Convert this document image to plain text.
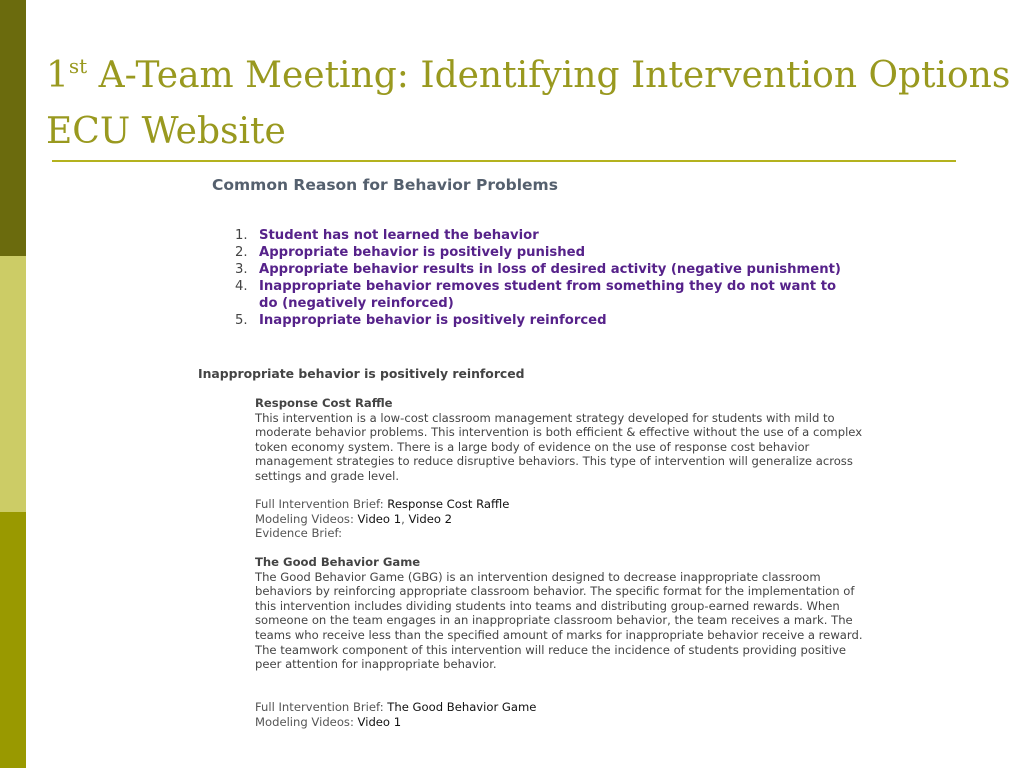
1st A-Team Meeting: Identifying Intervention Options
ECU Website
Common Reason for Behavior Problems
1. Student has not learned the behavior
2. Appropriate behavior is positively punished
3. Appropriate behavior results in loss of desired activity (negative punishment)
4. Inappropriate behavior removes student from something they do not want to do (negatively reinforced)
5. Inappropriate behavior is positively reinforced
Inappropriate behavior is positively reinforced
Response Cost Raffle
This intervention is a low-cost classroom management strategy developed for students with mild to moderate behavior problems. This intervention is both efficient & effective without the use of a complex token economy system. There is a large body of evidence on the use of response cost behavior management strategies to reduce disruptive behaviors. This type of intervention will generalize across settings and grade level.
Full Intervention Brief: Response Cost Raffle
Modeling Videos: Video 1, Video 2
Evidence Brief:
The Good Behavior Game
The Good Behavior Game (GBG) is an intervention designed to decrease inappropriate classroom behaviors by reinforcing appropriate classroom behavior. The specific format for the implementation of this intervention includes dividing students into teams and distributing group-earned rewards. When someone on the team engages in an inappropriate classroom behavior, the team receives a mark. The teams who receive less than the specified amount of marks for inappropriate behavior receive a reward. The teamwork component of this intervention will reduce the incidence of students providing positive peer attention for inappropriate behavior.
Full Intervention Brief: The Good Behavior Game
Modeling Videos: Video 1
